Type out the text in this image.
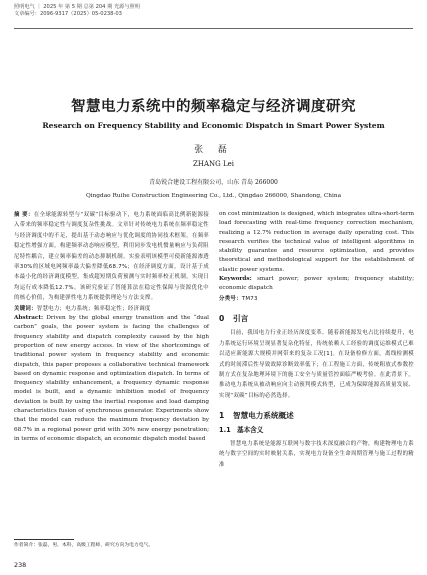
照明电气 ｜ 2025 年 第 5 期 总第 204 期 光源与照明
文章编号：2096-9317（2025）05-0238-03
智慧电力系统中的频率稳定与经济调度研究
Research on Frequency Stability and Economic Dispatch in Smart Power System
张 磊
ZHANG Lei
青岛锐合建设工程有限公司，山东 青岛 266000
Qingdao Ruihe Construction Engineering Co., Ltd., Qingdao 266000, Shandong, China

摘 要：在全球能源转型与“双碳”目标驱动下，电力系统面临高比例新能源接入带来的频率稳定性与调度复杂性挑战。文章针对传统电力系统在频率稳定性与经济调度中的不足，提出基于动态响应与优化调度的协同技术框架。在频率稳定性增强方面，构建频率动态响应模型，利用同步发电机惯量响应与负荷阻尼特性耦合，建立频率偏差的动态抑制机制。实验表明该模型可使新能源渗透率30%的区域电网频率最大偏差降低68.7%；在经济调度方面，设计基于成本最小化的经济调度模型，集成超短期负荷预测与实时频率校正机制，实现日均运行成本降低12.7%。该研究验证了智能算法在稳定性保障与资源优化中的核心价值，为构建弹性电力系统提供理论与方法支撑。

关键词：智慧电力；电力系统；频率稳定性；经济调度

Abstract: Driven by the global energy transition and the “dual carbon” goals, the power system is facing the challenges of frequency stability and dispatch complexity caused by the high proportion of new energy access. In view of the shortcomings of traditional power system in frequency stability and economic dispatch, this paper proposes a collaborative technical framework based on dynamic response and optimization dispatch. In terms of frequency stability enhancement, a frequency dynamic response model is built, and a dynamic inhibition model of frequency deviation is built by using the inertial response and load damping characteristics fusion of synchronous generator. Experiments show that the model can reduce the maximum frequency deviation by 68.7% in a regional power grid with 30% new energy penetration; in terms of economic dispatch, an economic dispatch model based

on cost minimization is designed, which integrates ultra-short-term load forecasting with real-time frequency correction mechanism, realizing a 12.7% reduction in average daily operating cost. This research verifies the technical value of intelligent algorithms in stability guarantee and resource optimization, and provides theoretical and methodological support for the establishment of elastic power systems.

Keywords: smart power; power system; frequency stability; economic dispatch

分类号：TM73

0 引言

目前，我国电力行业正经历深度变革。随着新能源发电占比持续提升，电力系统运行环境呈现显著复杂化特征，传统依赖人工经验的调度运维模式已难以适应新能源大规模并网带来的复杂工况[1]。在设备检修方面，离线检测模式的时间滞后性导致故障诊断效率低下；在工程施工方面，传统粗放式参数控制方式在复杂地理环境下的施工安全与质量管控面临严峻考验。在此背景下，推动电力系统从被动响应向主动预判模式转型，已成为保障能源高质量发展、实现“双碳”目标的必然选择。

1 智慧电力系统概述
1.1 基本含义

智慧电力系统是能源互联网与数字技术深度融合的产物，构建物理电力系统与数字空间的实时映射关系，实现电力设备全生命周期管理与施工过程的精准

作者简介：张磊，男，本科，高级工程师，研究方向为电力电气。
238
